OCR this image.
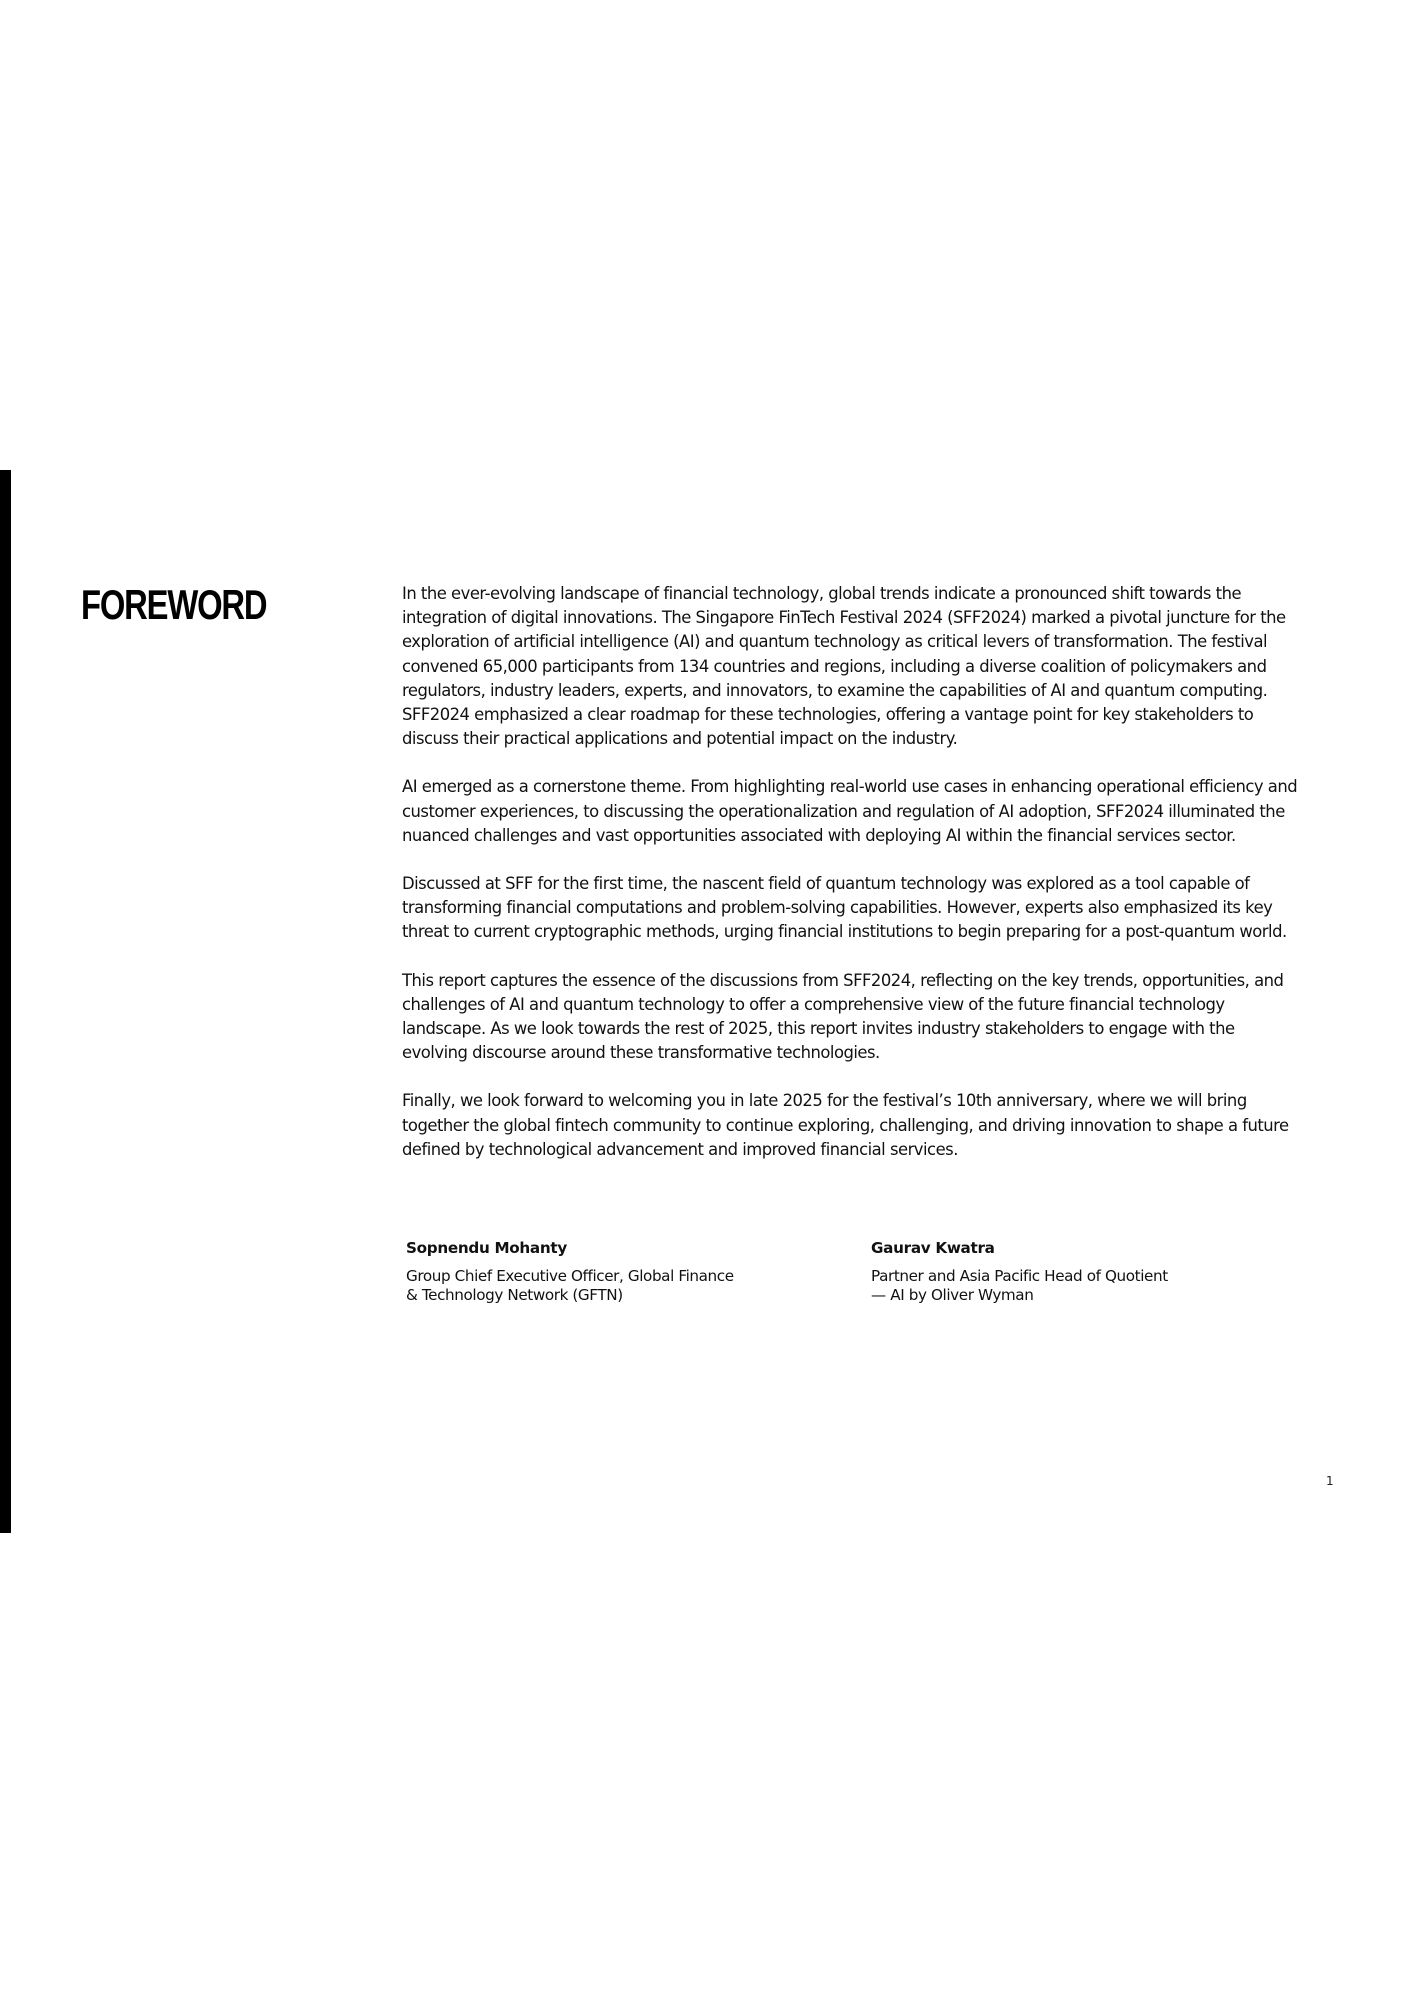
FOREWORD	In the ever-evolving landscape of financial technology, global trends indicate a pronounced shift towards the integration of digital innovations. The Singapore FinTech Festival 2024 (SFF2024) marked a pivotal juncture for the exploration of artificial intelligence (AI) and quantum technology as critical levers of transformation. The festival convened 65,000 participants from 134 countries and regions, including a diverse coalition of policymakers and regulators, industry leaders, experts, and innovators, to examine the capabilities of AI and quantum computing. SFF2024 emphasized a clear roadmap for these technologies, offering a vantage point for key stakeholders to discuss their practical applications and potential impact on the industry.

AI emerged as a cornerstone theme. From highlighting real-world use cases in enhancing operational efficiency and customer experiences, to discussing the operationalization and regulation of AI adoption, SFF2024 illuminated the nuanced challenges and vast opportunities associated with deploying AI within the financial services sector.

Discussed at SFF for the first time, the nascent field of quantum technology was explored as a tool capable of transforming financial computations and problem-solving capabilities. However, experts also emphasized its key threat to current cryptographic methods, urging financial institutions to begin preparing for a post-quantum world.

This report captures the essence of the discussions from SFF2024, reflecting on the key trends, opportunities, and challenges of AI and quantum technology to offer a comprehensive view of the future financial technology landscape. As we look towards the rest of 2025, this report invites industry stakeholders to engage with the evolving discourse around these transformative technologies.

Finally, we look forward to welcoming you in late 2025 for the festival’s 10th anniversary, where we will bring together the global fintech community to continue exploring, challenging, and driving innovation to shape a future defined by technological advancement and improved financial services.

Sopnendu Mohanty

Group Chief Executive Officer, Global Finance
& Technology Network (GFTN)

Gaurav Kwatra

Partner and Asia Pacific Head of Quotient
— AI by Oliver Wyman

1
